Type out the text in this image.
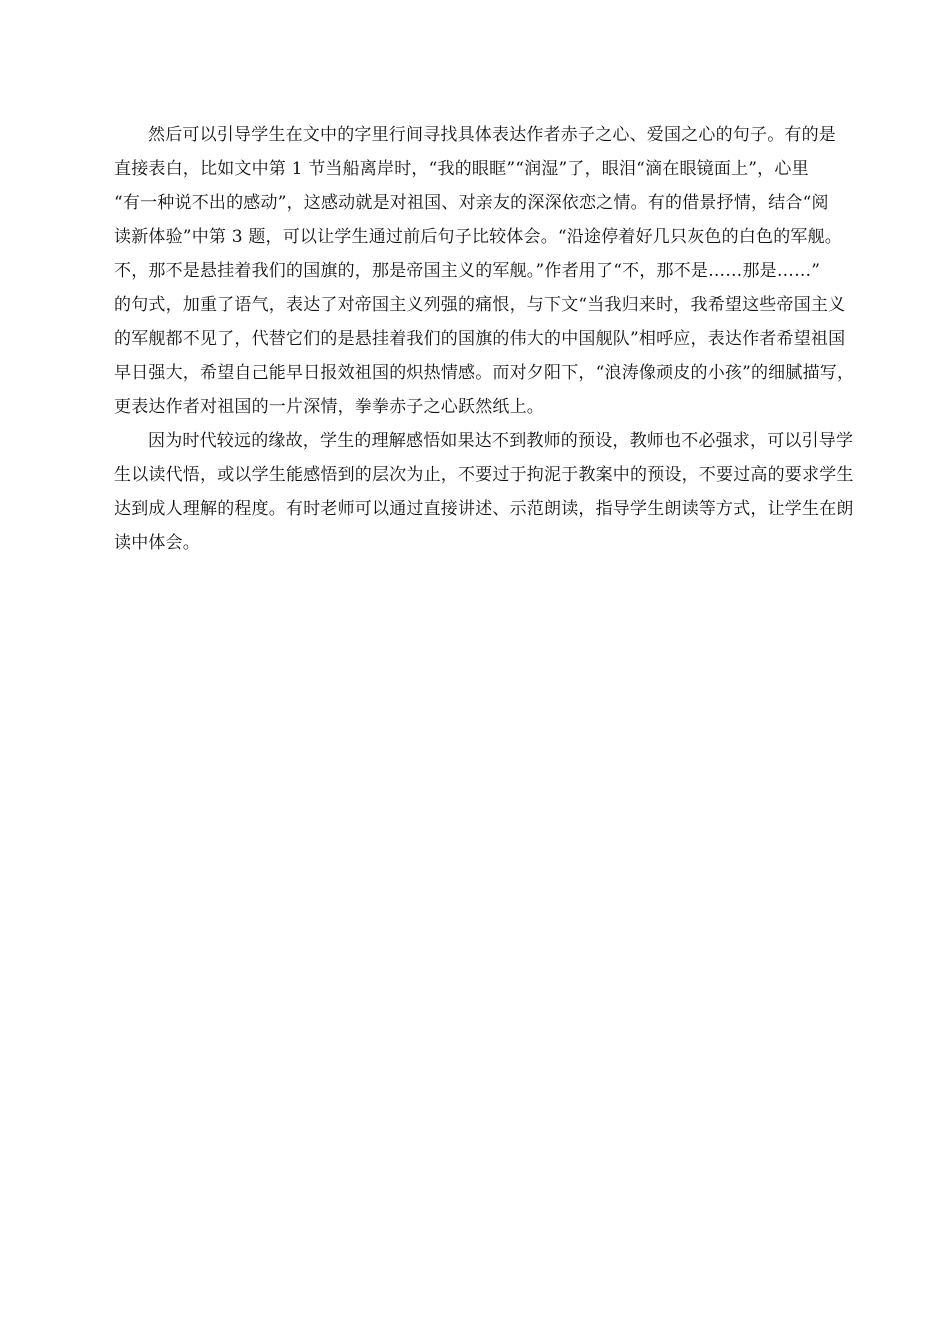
然后可以引导学生在文中的字里行间寻找具体表达作者赤子之心、爱国之心的句子。有的是
直接表白，比如文中第 1 节当船离岸时，“我的眼眶”“润湿”了，眼泪“滴在眼镜面上”，心里
“有一种说不出的感动”，这感动就是对祖国、对亲友的深深依恋之情。有的借景抒情，结合“阅
读新体验”中第 3 题，可以让学生通过前后句子比较体会。“沿途停着好几只灰色的白色的军舰。
不，那不是悬挂着我们的国旗的，那是帝国主义的军舰。”作者用了“不，那不是……那是……”
的句式，加重了语气，表达了对帝国主义列强的痛恨，与下文“当我归来时，我希望这些帝国主义
的军舰都不见了，代替它们的是悬挂着我们的国旗的伟大的中国舰队”相呼应，表达作者希望祖国
早日强大，希望自己能早日报效祖国的炽热情感。而对夕阳下，“浪涛像顽皮的小孩”的细腻描写，
更表达作者对祖国的一片深情，拳拳赤子之心跃然纸上。
因为时代较远的缘故，学生的理解感悟如果达不到教师的预设，教师也不必强求，可以引导学
生以读代悟，或以学生能感悟到的层次为止，不要过于拘泥于教案中的预设，不要过高的要求学生
达到成人理解的程度。有时老师可以通过直接讲述、示范朗读，指导学生朗读等方式，让学生在朗
读中体会。
